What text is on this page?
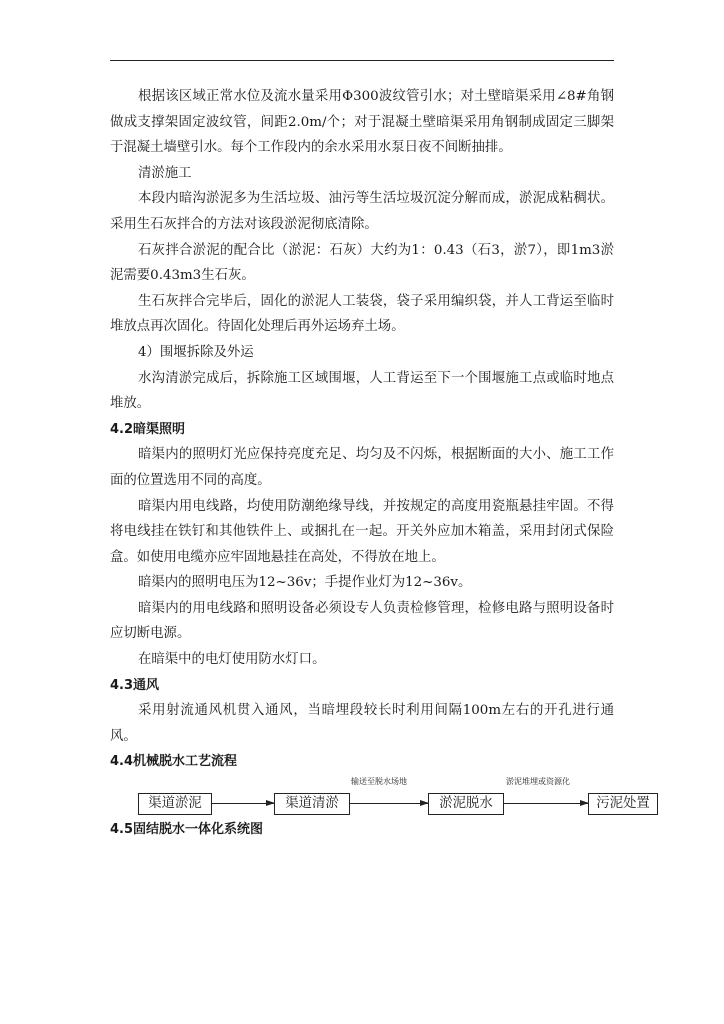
根据该区域正常水位及流水量采用Φ300波纹管引水；对土壁暗渠采用∠8#角钢做成支撑架固定波纹管，间距2.0m/个；对于混凝土壁暗渠采用角钢制成固定三脚架于混凝土墙壁引水。每个工作段内的余水采用水泵日夜不间断抽排。

清淤施工

本段内暗沟淤泥多为生活垃圾、油污等生活垃圾沉淀分解而成，淤泥成粘稠状。采用生石灰拌合的方法对该段淤泥彻底清除。

石灰拌合淤泥的配合比（淤泥：石灰）大约为1：0.43（石3，淤7），即1m3淤泥需要0.43m3生石灰。

生石灰拌合完毕后，固化的淤泥人工装袋，袋子采用编织袋，并人工背运至临时堆放点再次固化。待固化处理后再外运场弃土场。

4）围堰拆除及外运

水沟清淤完成后，拆除施工区域围堰，人工背运至下一个围堰施工点或临时地点堆放。

4.2暗渠照明

暗渠内的照明灯光应保持亮度充足、均匀及不闪烁，根据断面的大小、施工工作面的位置选用不同的高度。

暗渠内用电线路，均使用防潮绝缘导线，并按规定的高度用瓷瓶悬挂牢固。不得将电线挂在铁钉和其他铁件上、或捆扎在一起。开关外应加木箱盖，采用封闭式保险盒。如使用电缆亦应牢固地悬挂在高处，不得放在地上。

暗渠内的照明电压为12~36v；手提作业灯为12~36v。

暗渠内的用电线路和照明设备必须设专人负责检修管理，检修电路与照明设备时应切断电源。

在暗渠中的电灯使用防水灯口。

4.3通风

采用射流通风机贯入通风，当暗埋段较长时利用间隔100m左右的开孔进行通风。

4.4机械脱水工艺流程

渠道淤泥	渠道清淤
输送至脱水场地
淤泥脱水
淤泥堆埋或资源化
污泥处置

4.5固结脱水一体化系统图
